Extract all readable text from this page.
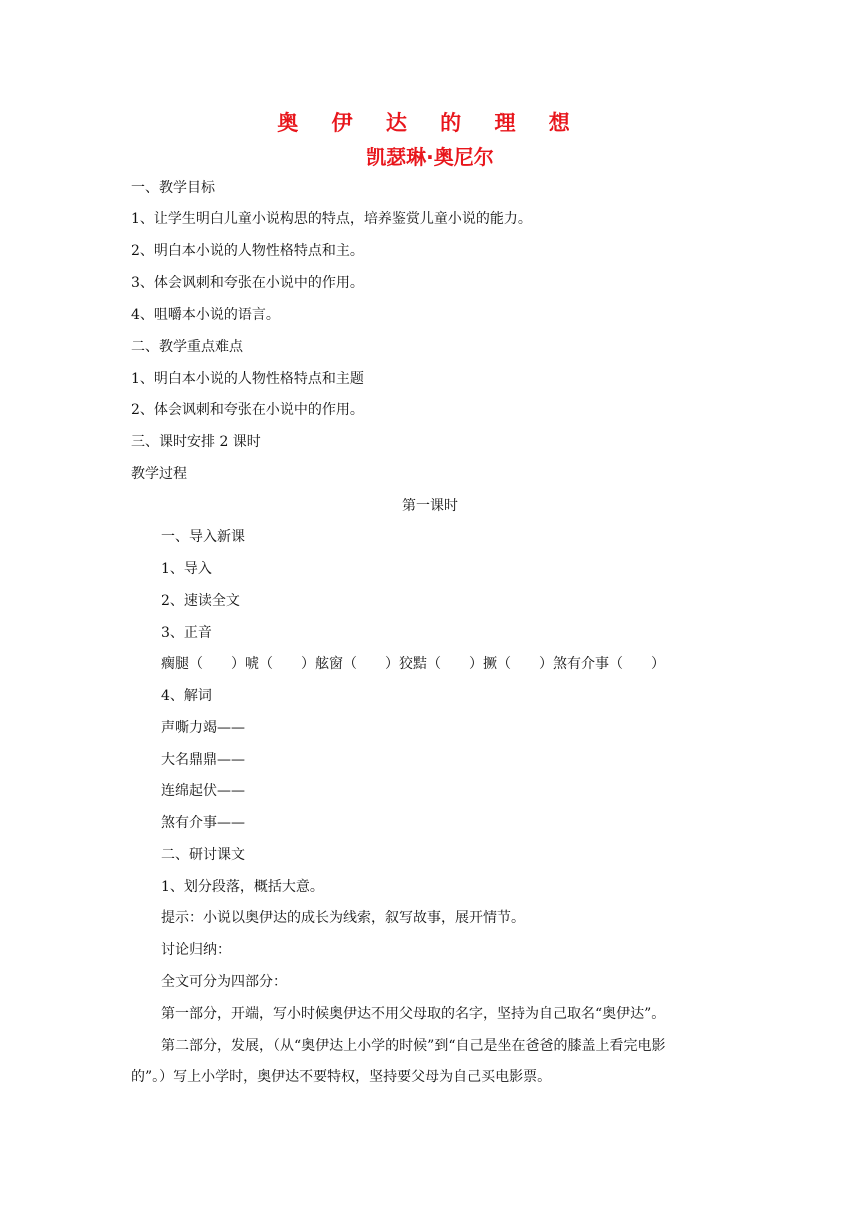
奥 伊 达 的 理 想
凯瑟琳·奥尼尔
一、教学目标
1、让学生明白儿童小说构思的特点，培养鉴赏儿童小说的能力。
2、明白本小说的人物性格特点和主。
3、体会讽刺和夸张在小说中的作用。
4、咀嚼本小说的语言。
二、教学重点难点
1、明白本小说的人物性格特点和主题
2、体会讽刺和夸张在小说中的作用。
三、课时安排 2 课时
教学过程
第一课时
一、导入新课
1、导入
2、速读全文
3、正音
瘸腿（　　）唬（　　）舷窗（　　）狡黠（　　）撅（　　）煞有介事（　　）
4、解词
声嘶力竭——
大名鼎鼎——
连绵起伏——
煞有介事——
二、研讨课文
1、划分段落，概括大意。
提示：小说以奥伊达的成长为线索，叙写故事，展开情节。
讨论归纳：
全文可分为四部分：
第一部分，开端，写小时候奥伊达不用父母取的名字，坚持为自己取名“奥伊达”。
第二部分，发展，（从“奥伊达上小学的时候”到“自己是坐在爸爸的膝盖上看完电影
的”。）写上小学时，奥伊达不要特权，坚持要父母为自己买电影票。
